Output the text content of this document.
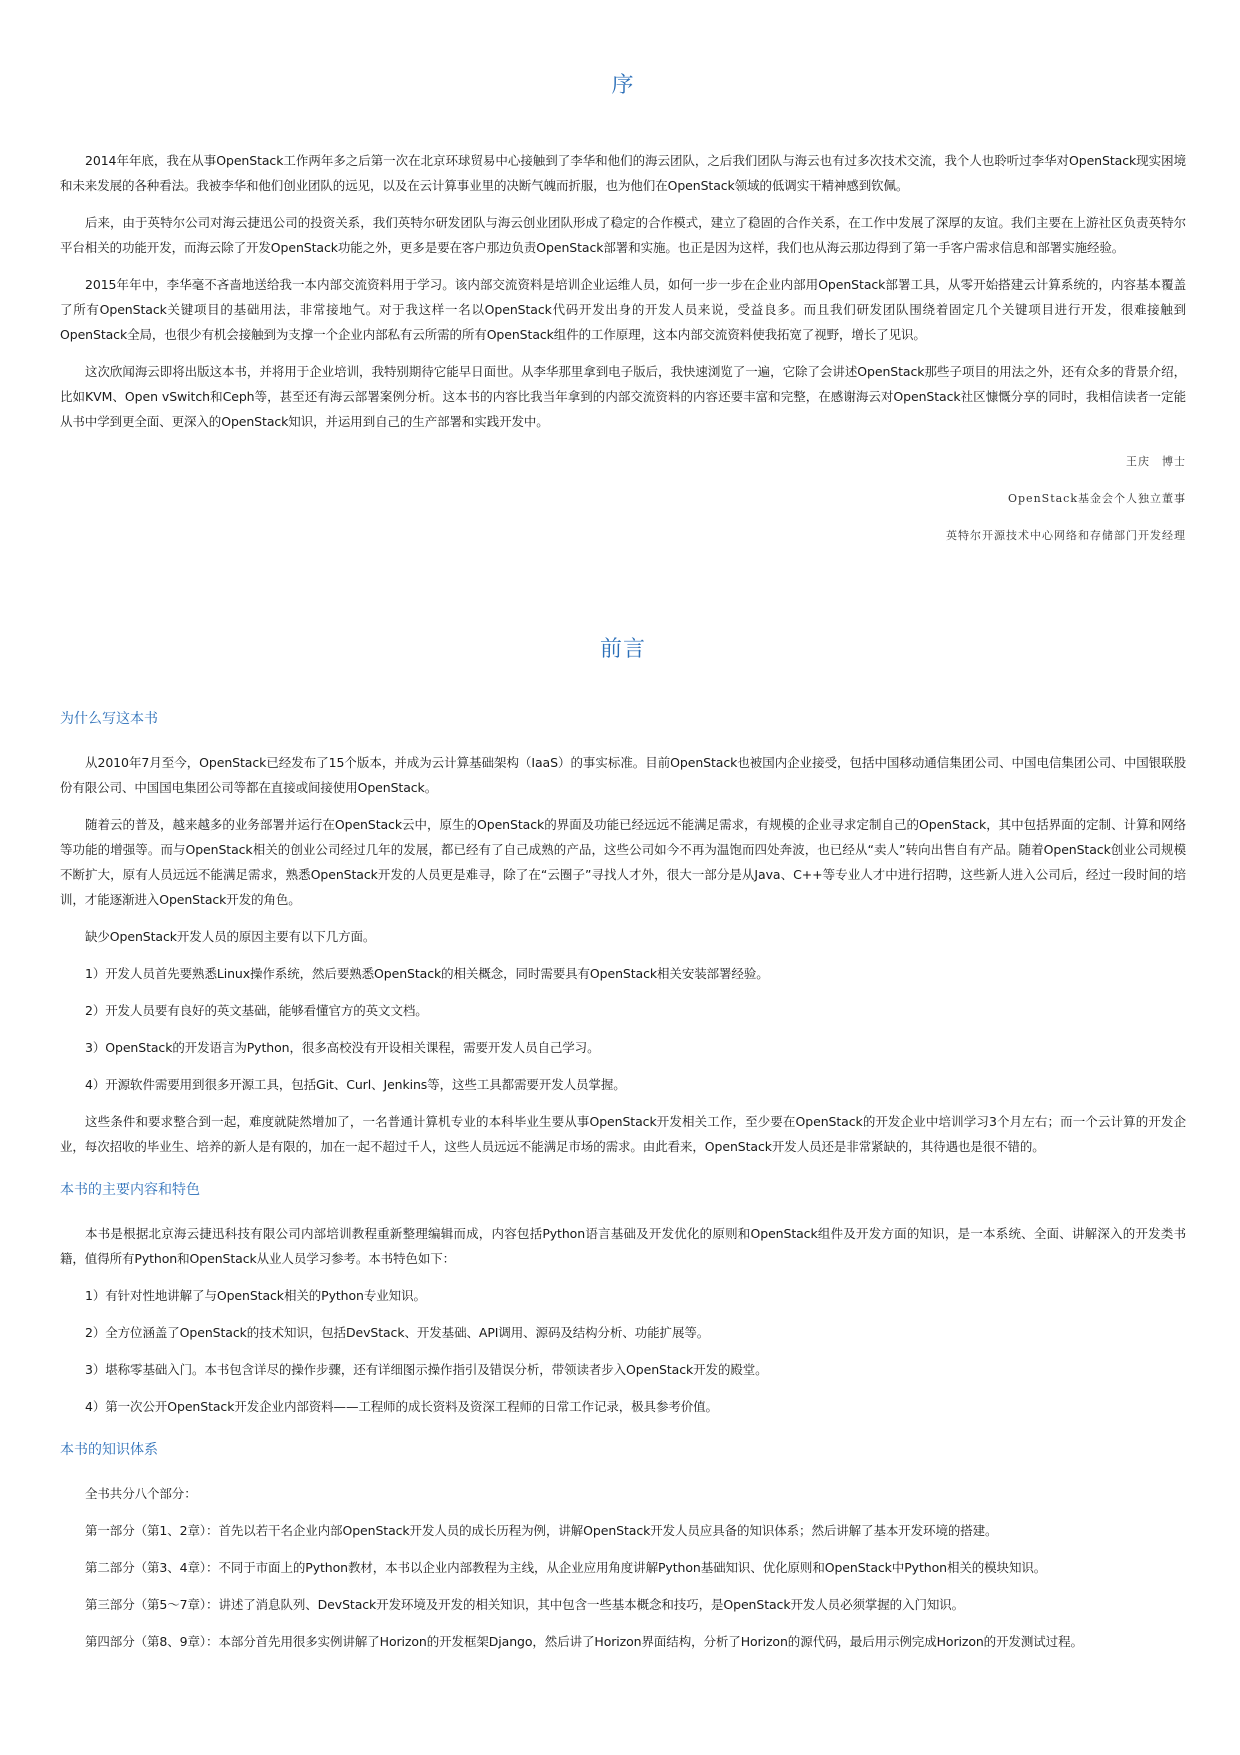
序

2014年年底，我在从事OpenStack工作两年多之后第一次在北京环球贸易中心接触到了李华和他们的海云团队，之后我们团队与海云也有过多次技术交流，我个人也聆听过李华对OpenStack现实困境和未来发展的各种看法。我被李华和他们创业团队的远见，以及在云计算事业里的决断气魄而折服，也为他们在OpenStack领域的低调实干精神感到钦佩。

后来，由于英特尔公司对海云捷迅公司的投资关系，我们英特尔研发团队与海云创业团队形成了稳定的合作模式，建立了稳固的合作关系，在工作中发展了深厚的友谊。我们主要在上游社区负责英特尔平台相关的功能开发，而海云除了开发OpenStack功能之外，更多是要在客户那边负责OpenStack部署和实施。也正是因为这样，我们也从海云那边得到了第一手客户需求信息和部署实施经验。

2015年年中，李华毫不吝啬地送给我一本内部交流资料用于学习。该内部交流资料是培训企业运维人员，如何一步一步在企业内部用OpenStack部署工具，从零开始搭建云计算系统的，内容基本覆盖了所有OpenStack关键项目的基础用法，非常接地气。对于我这样一名以OpenStack代码开发出身的开发人员来说，受益良多。而且我们研发团队围绕着固定几个关键项目进行开发，很难接触到OpenStack全局，也很少有机会接触到为支撑一个企业内部私有云所需的所有OpenStack组件的工作原理，这本内部交流资料使我拓宽了视野，增长了见识。

这次欣闻海云即将出版这本书，并将用于企业培训，我特别期待它能早日面世。从李华那里拿到电子版后，我快速浏览了一遍，它除了会讲述OpenStack那些子项目的用法之外，还有众多的背景介绍，比如KVM、Open vSwitch和Ceph等，甚至还有海云部署案例分析。这本书的内容比我当年拿到的内部交流资料的内容还要丰富和完整，在感谢海云对OpenStack社区慷慨分享的同时，我相信读者一定能从书中学到更全面、更深入的OpenStack知识，并运用到自己的生产部署和实践开发中。

王庆　博士

OpenStack基金会个人独立董事

英特尔开源技术中心网络和存储部门开发经理

前言
为什么写这本书

从2010年7月至今，OpenStack已经发布了15个版本，并成为云计算基础架构（IaaS）的事实标准。目前OpenStack也被国内企业接受，包括中国移动通信集团公司、中国电信集团公司、中国银联股份有限公司、中国国电集团公司等都在直接或间接使用OpenStack。

随着云的普及，越来越多的业务部署并运行在OpenStack云中，原生的OpenStack的界面及功能已经远远不能满足需求，有规模的企业寻求定制自己的OpenStack，其中包括界面的定制、计算和网络等功能的增强等。而与OpenStack相关的创业公司经过几年的发展，都已经有了自己成熟的产品，这些公司如今不再为温饱而四处奔波，也已经从“卖人”转向出售自有产品。随着OpenStack创业公司规模不断扩大，原有人员远远不能满足需求，熟悉OpenStack开发的人员更是难寻，除了在“云圈子”寻找人才外，很大一部分是从Java、C++等专业人才中进行招聘，这些新人进入公司后，经过一段时间的培训，才能逐渐进入OpenStack开发的角色。

缺少OpenStack开发人员的原因主要有以下几方面。

1）开发人员首先要熟悉Linux操作系统，然后要熟悉OpenStack的相关概念，同时需要具有OpenStack相关安装部署经验。

2）开发人员要有良好的英文基础，能够看懂官方的英文文档。

3）OpenStack的开发语言为Python，很多高校没有开设相关课程，需要开发人员自己学习。

4）开源软件需要用到很多开源工具，包括Git、Curl、Jenkins等，这些工具都需要开发人员掌握。

这些条件和要求整合到一起，难度就陡然增加了，一名普通计算机专业的本科毕业生要从事OpenStack开发相关工作，至少要在OpenStack的开发企业中培训学习3个月左右；而一个云计算的开发企业，每次招收的毕业生、培养的新人是有限的，加在一起不超过千人，这些人员远远不能满足市场的需求。由此看来，OpenStack开发人员还是非常紧缺的，其待遇也是很不错的。

本书的主要内容和特色

本书是根据北京海云捷迅科技有限公司内部培训教程重新整理编辑而成，内容包括Python语言基础及开发优化的原则和OpenStack组件及开发方面的知识，是一本系统、全面、讲解深入的开发类书籍，值得所有Python和OpenStack从业人员学习参考。本书特色如下：

1）有针对性地讲解了与OpenStack相关的Python专业知识。

2）全方位涵盖了OpenStack的技术知识，包括DevStack、开发基础、API调用、源码及结构分析、功能扩展等。

3）堪称零基础入门。本书包含详尽的操作步骤，还有详细图示操作指引及错误分析，带领读者步入OpenStack开发的殿堂。

4）第一次公开OpenStack开发企业内部资料——工程师的成长资料及资深工程师的日常工作记录，极具参考价值。

本书的知识体系

全书共分八个部分：

第一部分（第1、2章）：首先以若干名企业内部OpenStack开发人员的成长历程为例，讲解OpenStack开发人员应具备的知识体系；然后讲解了基本开发环境的搭建。

第二部分（第3、4章）：不同于市面上的Python教材，本书以企业内部教程为主线，从企业应用角度讲解Python基础知识、优化原则和OpenStack中Python相关的模块知识。

第三部分（第5～7章）：讲述了消息队列、DevStack开发环境及开发的相关知识，其中包含一些基本概念和技巧，是OpenStack开发人员必须掌握的入门知识。

第四部分（第8、9章）：本部分首先用很多实例讲解了Horizon的开发框架Django，然后讲了Horizon界面结构，分析了Horizon的源代码，最后用示例完成Horizon的开发测试过程。
